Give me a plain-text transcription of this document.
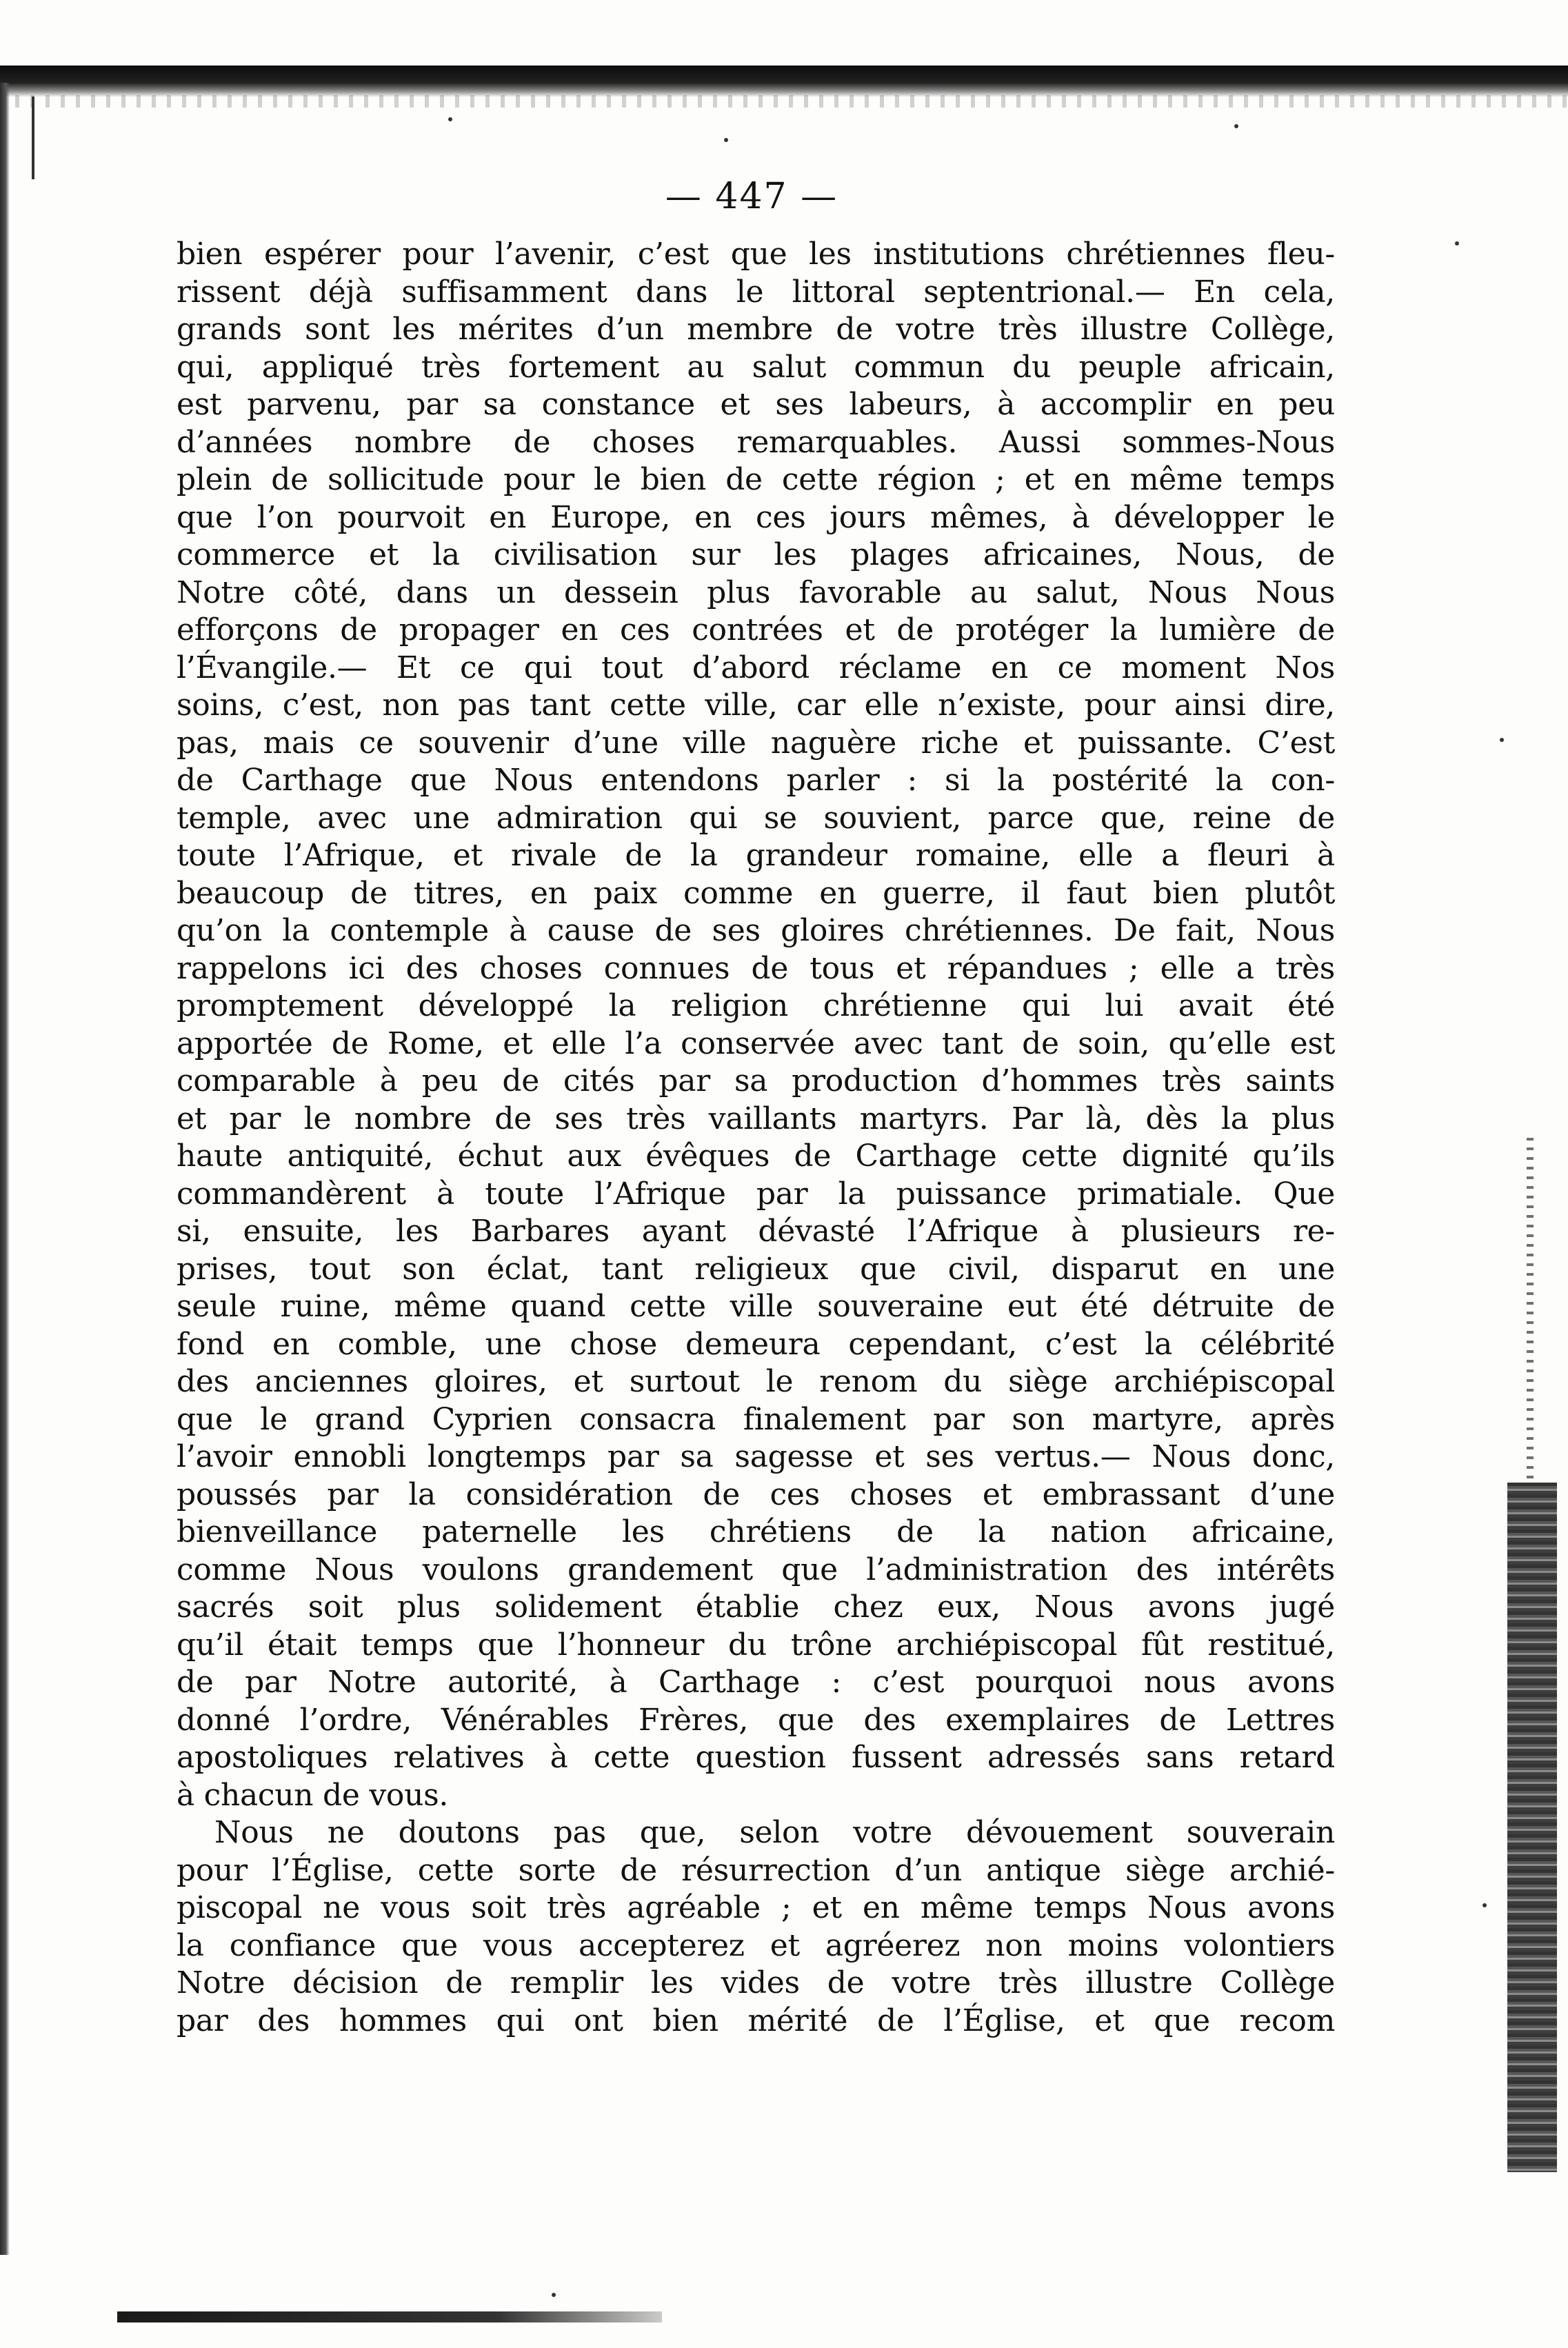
— 447 —
bien espérer pour l’avenir, c’est que les institutions chrétiennes fleu-
rissent déjà suffisamment dans le littoral septentrional.— En cela,
grands sont les mérites d’un membre de votre très illustre Collège,
qui, appliqué très fortement au salut commun du peuple africain,
est parvenu, par sa constance et ses labeurs, à accomplir en peu
d’années nombre de choses remarquables. Aussi sommes-Nous
plein de sollicitude pour le bien de cette région ; et en même temps
que l’on pourvoit en Europe, en ces jours mêmes, à développer le
commerce et la civilisation sur les plages africaines, Nous, de
Notre côté, dans un dessein plus favorable au salut, Nous Nous
efforçons de propager en ces contrées et de protéger la lumière de
l’Évangile.— Et ce qui tout d’abord réclame en ce moment Nos
soins, c’est, non pas tant cette ville, car elle n’existe, pour ainsi dire,
pas, mais ce souvenir d’une ville naguère riche et puissante. C’est
de Carthage que Nous entendons parler : si la postérité la con-
temple, avec une admiration qui se souvient, parce que, reine de
toute l’Afrique, et rivale de la grandeur romaine, elle a fleuri à
beaucoup de titres, en paix comme en guerre, il faut bien plutôt
qu’on la contemple à cause de ses gloires chrétiennes. De fait, Nous
rappelons ici des choses connues de tous et répandues ; elle a très
promptement développé la religion chrétienne qui lui avait été
apportée de Rome, et elle l’a conservée avec tant de soin, qu’elle est
comparable à peu de cités par sa production d’hommes très saints
et par le nombre de ses très vaillants martyrs. Par là, dès la plus
haute antiquité, échut aux évêques de Carthage cette dignité qu’ils
commandèrent à toute l’Afrique par la puissance primatiale. Que
si, ensuite, les Barbares ayant dévasté l’Afrique à plusieurs re-
prises, tout son éclat, tant religieux que civil, disparut en une
seule ruine, même quand cette ville souveraine eut été détruite de
fond en comble, une chose demeura cependant, c’est la célébrité
des anciennes gloires, et surtout le renom du siège archiépiscopal
que le grand Cyprien consacra finalement par son martyre, après
l’avoir ennobli longtemps par sa sagesse et ses vertus.— Nous donc,
poussés par la considération de ces choses et embrassant d’une
bienveillance paternelle les chrétiens de la nation africaine,
comme Nous voulons grandement que l’administration des intérêts
sacrés soit plus solidement établie chez eux, Nous avons jugé
qu’il était temps que l’honneur du trône archiépiscopal fût restitué,
de par Notre autorité, à Carthage : c’est pourquoi nous avons
donné l’ordre, Vénérables Frères, que des exemplaires de Lettres
apostoliques relatives à cette question fussent adressés sans retard
à chacun de vous.
Nous ne doutons pas que, selon votre dévouement souverain
pour l’Église, cette sorte de résurrection d’un antique siège archié-
piscopal ne vous soit très agréable ; et en même temps Nous avons
la confiance que vous accepterez et agréerez non moins volontiers
Notre décision de remplir les vides de votre très illustre Collège
par des hommes qui ont bien mérité de l’Église, et que recom
